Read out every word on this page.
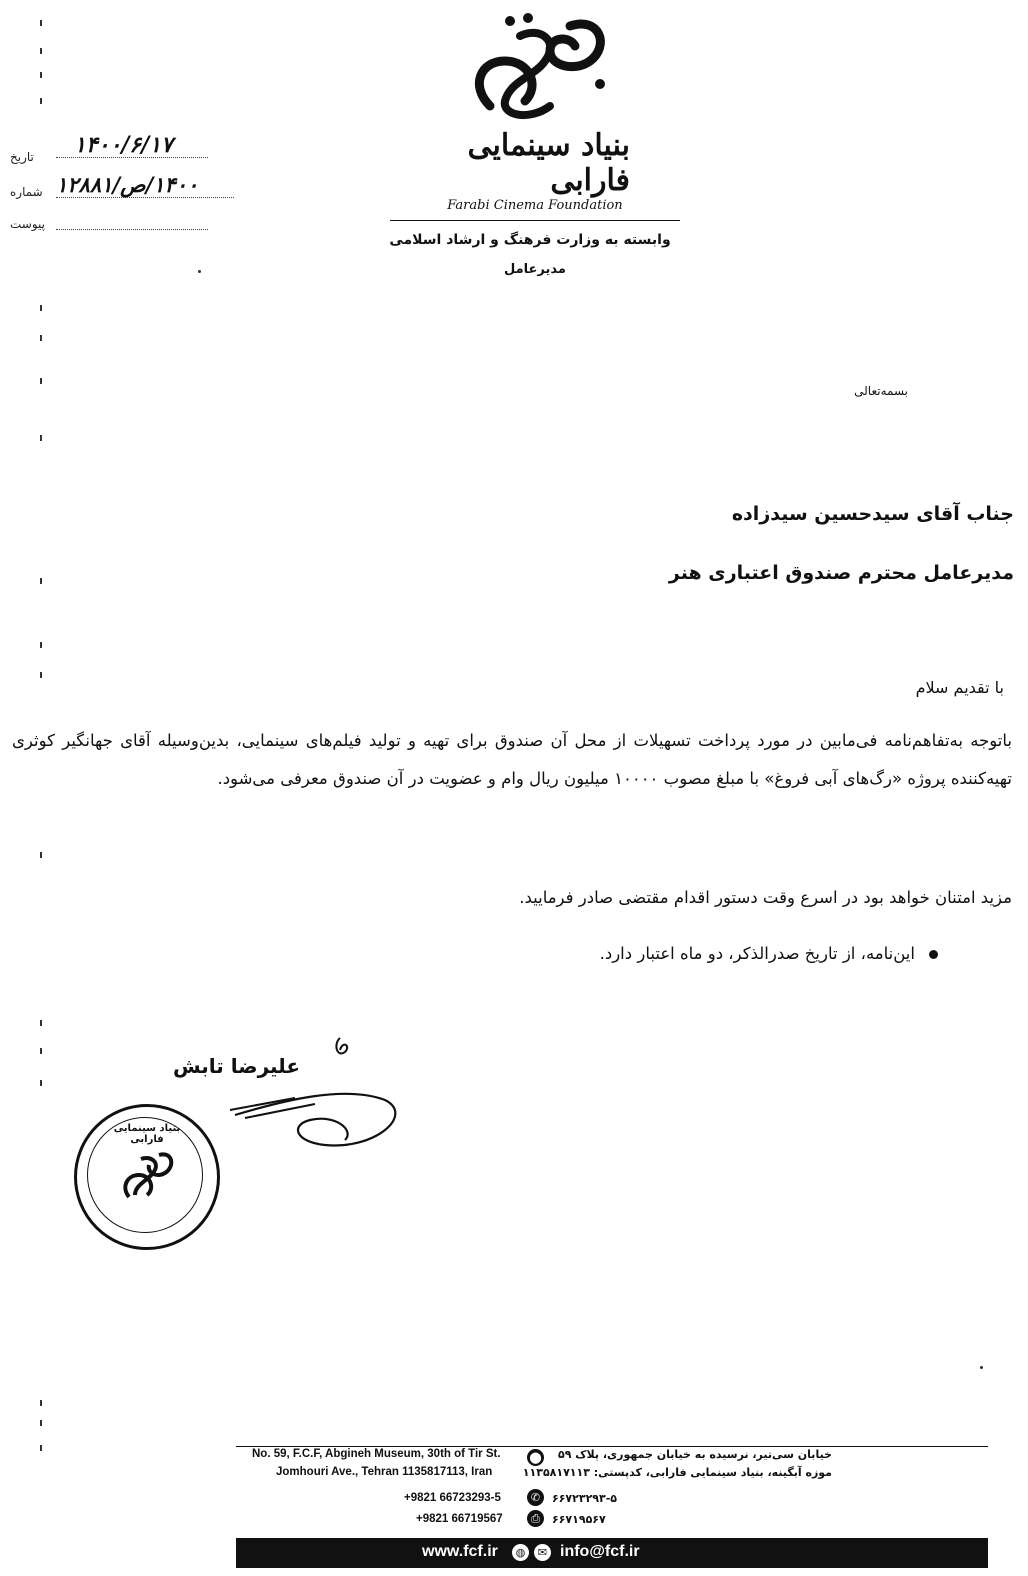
۱۴۰۰/۶/۱۷
تاریخ
۱۴۰۰/ص/۱۲۸۸۱
شماره
پیوست
بنیاد سینمایی فارابی
Farabi Cinema Foundation
وابسته به وزارت فرهنگ و ارشاد اسلامی
مدیرعامل
بسمه‌تعالی
جناب آقای سیدحسین سیدزاده
مدیرعامل محترم صندوق اعتباری هنر
با تقدیم سلام
باتوجه به‌تفاهم‌نامه فی‌مابین در مورد پرداخت تسهیلات از محل آن صندوق برای تهیه و تولید فیلم‌های سینمایی، بدین‌وسیله آقای جهانگیر کوثری تهیه‌کننده پروژه «رگ‌های آبی فروغ» با مبلغ مصوب ۱۰۰۰۰ میلیون ریال وام و عضویت در آن صندوق معرفی می‌شود.
مزید امتنان خواهد بود در اسرع وقت دستور اقدام مقتضی صادر فرمایید.
این‌نامه، از تاریخ صدرالذکر، دو ماه اعتبار دارد.
علیرضا تابش
بنیاد سینمایی فارابی
No. 59, F.C.F, Abgineh Museum, 30th of Tir St.
Jomhouri Ave., Tehran 1135817113, Iran
⬤	خیابان سی‌تیر، نرسیده به خیابان جمهوری، پلاک ۵۹
موزه آبگینه، بنیاد سینمایی فارابی، کدپستی: ۱۱۳۵۸۱۷۱۱۳
+9821 66723293-5	✆	۶۶۷۲۳۲۹۳-۵
+9821 66719567	⎙	۶۶۷۱۹۵۶۷
www.fcf.ir	◍	✉ info@fcf.ir
